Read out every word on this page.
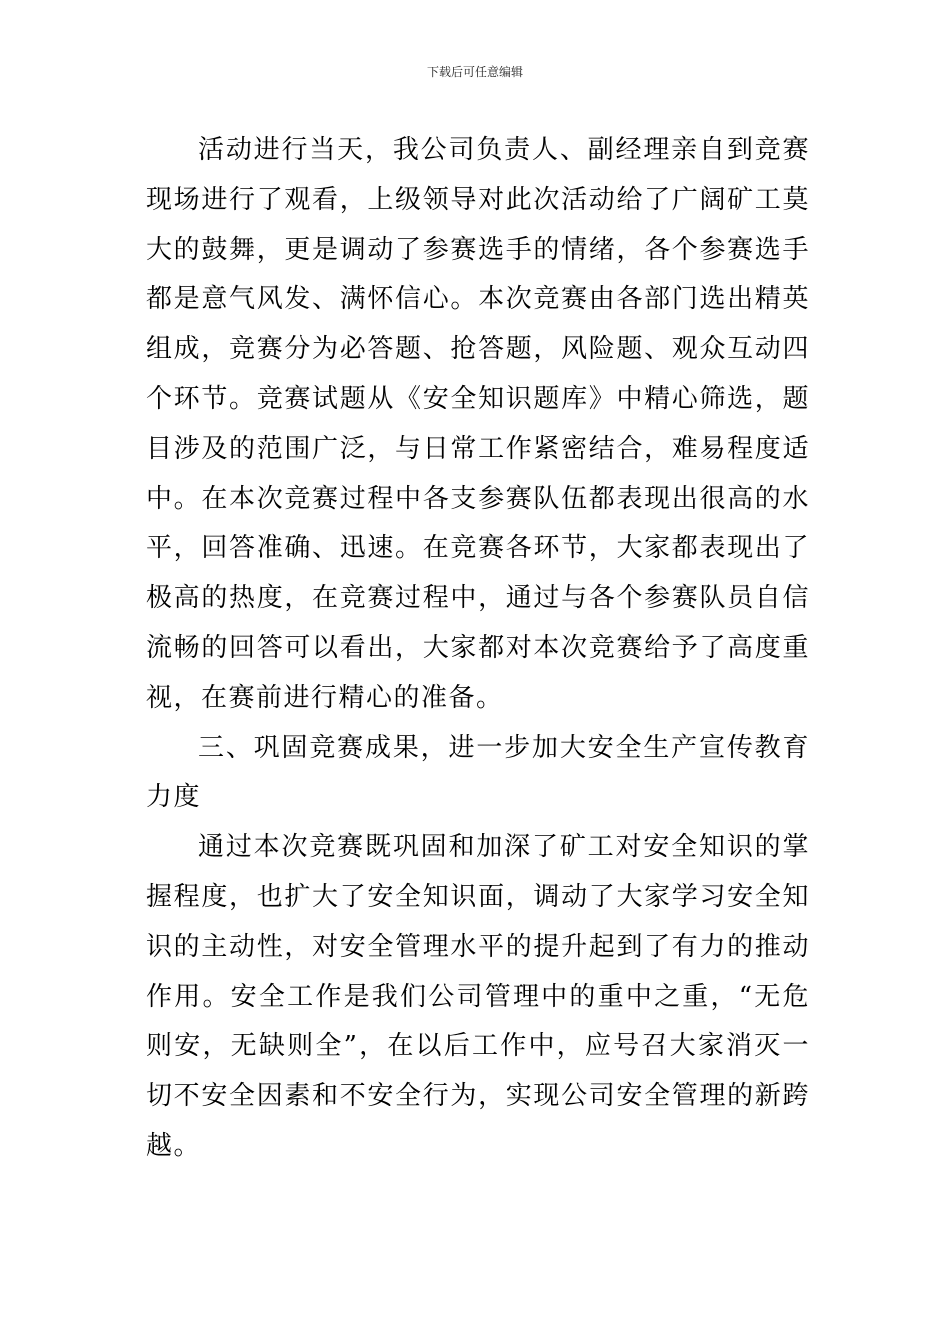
下载后可任意编辑

活动进行当天，我公司负责人、副经理亲自到竞赛现场进行了观看，上级领导对此次活动给了广阔矿工莫大的鼓舞，更是调动了参赛选手的情绪，各个参赛选手都是意气风发、满怀信心。本次竞赛由各部门选出精英组成，竞赛分为必答题、抢答题，风险题、观众互动四个环节。竞赛试题从《安全知识题库》中精心筛选，题目涉及的范围广泛，与日常工作紧密结合，难易程度适中。在本次竞赛过程中各支参赛队伍都表现出很高的水平，回答准确、迅速。在竞赛各环节，大家都表现出了极高的热度，在竞赛过程中，通过与各个参赛队员自信流畅的回答可以看出，大家都对本次竞赛给予了高度重视，在赛前进行精心的准备。

三、巩固竞赛成果，进一步加大安全生产宣传教育力度

通过本次竞赛既巩固和加深了矿工对安全知识的掌握程度，也扩大了安全知识面，调动了大家学习安全知识的主动性，对安全管理水平的提升起到了有力的推动作用。安全工作是我们公司管理中的重中之重，“无危则安，无缺则全”，在以后工作中，应号召大家消灭一切不安全因素和不安全行为，实现公司安全管理的新跨越。
